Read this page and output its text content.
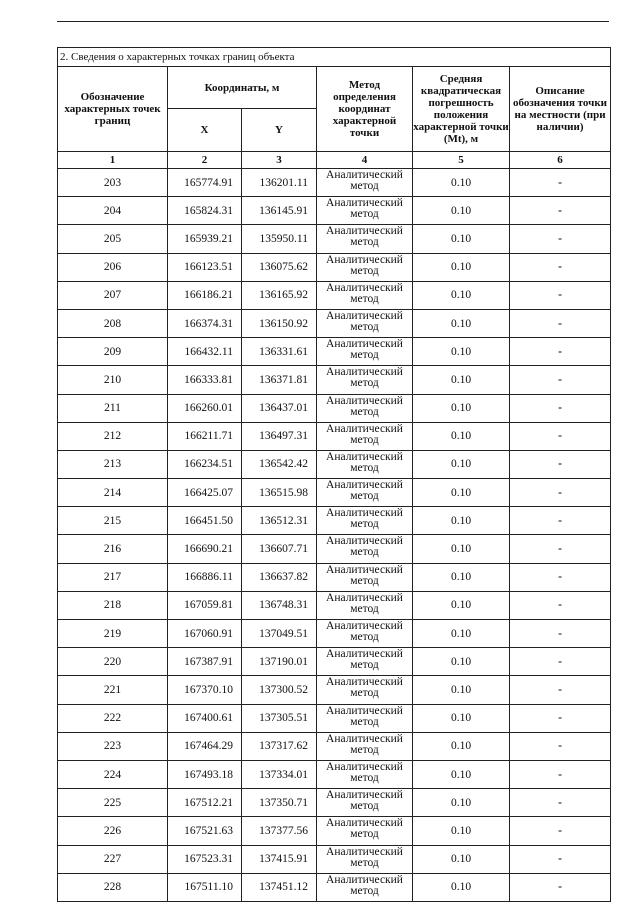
2. Сведения о характерных точках границ объекта					
Обозначение характерных точек границ	Координаты, м		Метод определения координат характерной точки	Средняя квадратическая погрешность положения характерной точки (Mt), м	Описание обозначения точки на местности (при наличии)
	X	Y			
1	2	3	4	5	6
203	165774.91	136201.11	Аналитический метод	0.10	-
204	165824.31	136145.91	Аналитический метод	0.10	-
205	165939.21	135950.11	Аналитический метод	0.10	-
206	166123.51	136075.62	Аналитический метод	0.10	-
207	166186.21	136165.92	Аналитический метод	0.10	-
208	166374.31	136150.92	Аналитический метод	0.10	-
209	166432.11	136331.61	Аналитический метод	0.10	-
210	166333.81	136371.81	Аналитический метод	0.10	-
211	166260.01	136437.01	Аналитический метод	0.10	-
212	166211.71	136497.31	Аналитический метод	0.10	-
213	166234.51	136542.42	Аналитический метод	0.10	-
214	166425.07	136515.98	Аналитический метод	0.10	-
215	166451.50	136512.31	Аналитический метод	0.10	-
216	166690.21	136607.71	Аналитический метод	0.10	-
217	166886.11	136637.82	Аналитический метод	0.10	-
218	167059.81	136748.31	Аналитический метод	0.10	-
219	167060.91	137049.51	Аналитический метод	0.10	-
220	167387.91	137190.01	Аналитический метод	0.10	-
221	167370.10	137300.52	Аналитический метод	0.10	-
222	167400.61	137305.51	Аналитический метод	0.10	-
223	167464.29	137317.62	Аналитический метод	0.10	-
224	167493.18	137334.01	Аналитический метод	0.10	-
225	167512.21	137350.71	Аналитический метод	0.10	-
226	167521.63	137377.56	Аналитический метод	0.10	-
227	167523.31	137415.91	Аналитический метод	0.10	-
228	167511.10	137451.12	Аналитический метод	0.10	-
